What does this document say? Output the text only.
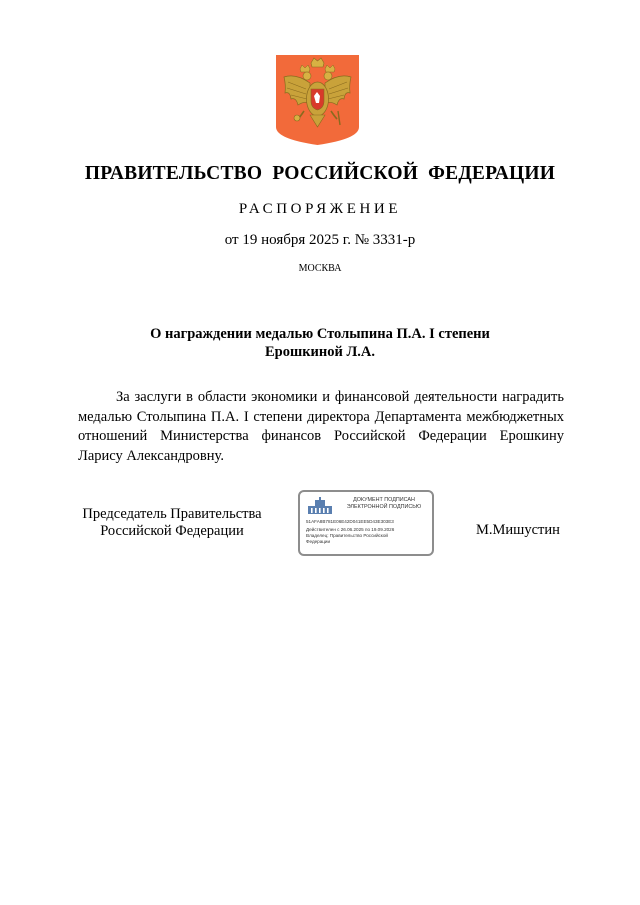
ПРАВИТЕЛЬСТВО РОССИЙСКОЙ ФЕДЕРАЦИИ
РАСПОРЯЖЕНИЕ
от 19 ноября 2025 г. № 3331-р
МОСКВА
О награждении медалью Столыпина П.А. I степени
Ерошкиной Л.А.
За заслуги в области экономики и финансовой деятельности наградить медалью Столыпина П.А. I степени директора Департамента межбюджетных отношений Министерства финансов Российской Федерации Ерошкину Ларису Александровну.
Председатель Правительства
Российской Федерации
ДОКУМЕНТ ПОДПИСАН
ЭЛЕКТРОННОЙ ПОДПИСЬЮ
51AFA8B781E06E42D041EE5D43E303E3
Действителен с 26.06.2025 по 19.09.2026
Владелец: Правительство Российской
Федерации
М.Мишустин
